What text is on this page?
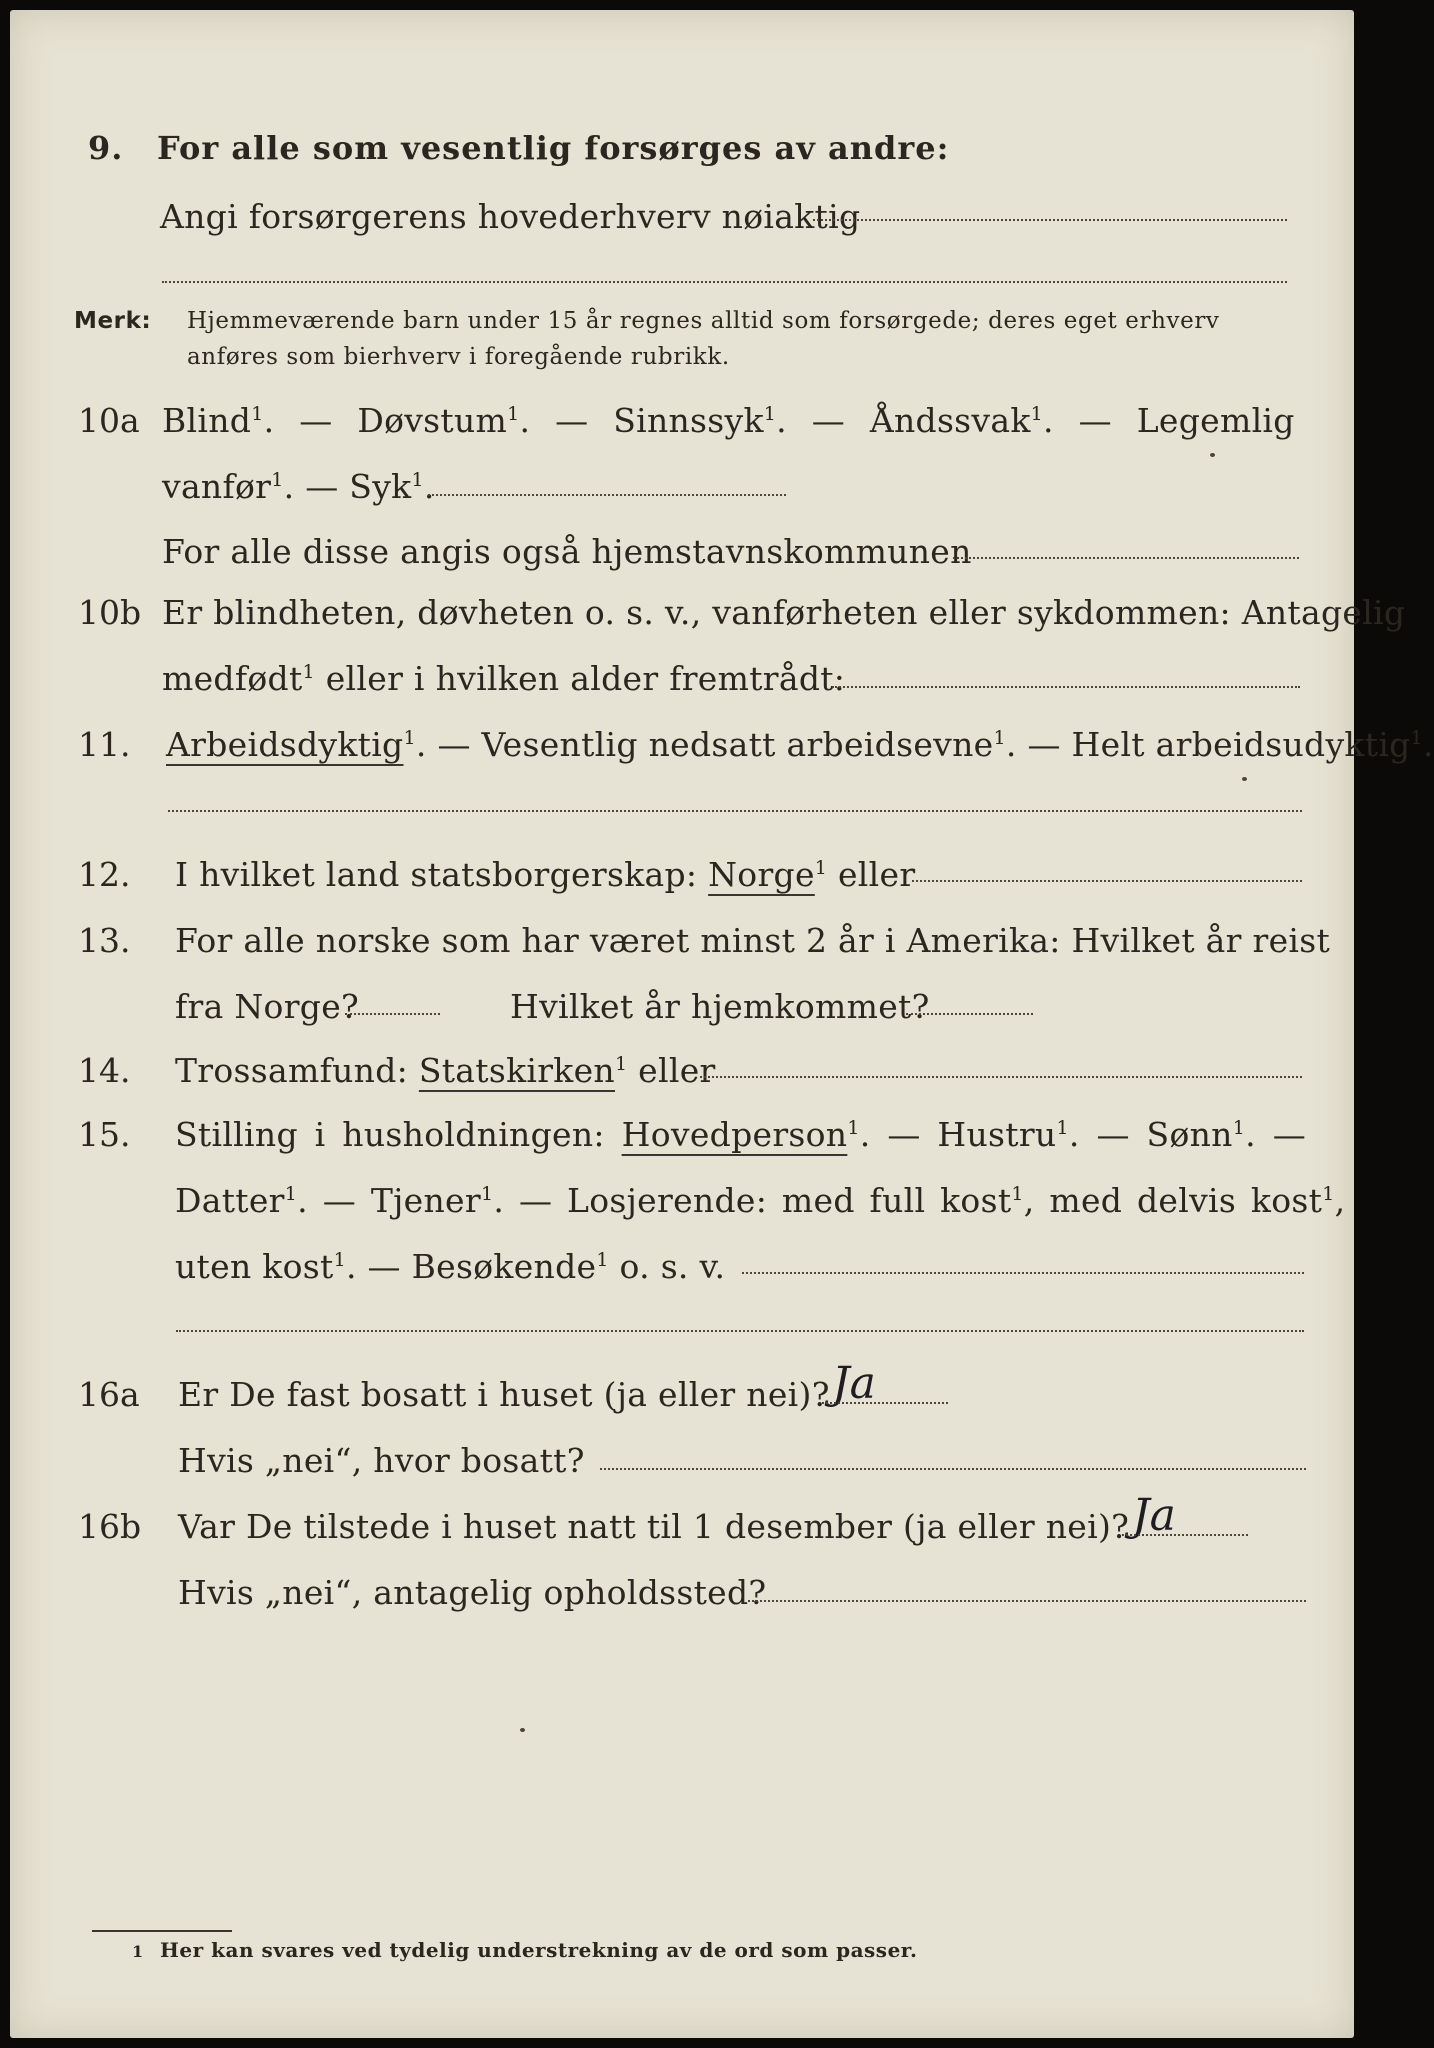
9. For alle som vesentlig forsørges av andre:
Angi forsørgerens hovederhverv nøiaktig
Merk: Hjemmeværende barn under 15 år regnes alltid som forsørgede; deres eget erhverv
anføres som bierhverv i foregående rubrikk.
10a Blind$^1$. — Døvstum$^1$. — Sinnssyk$^1$. — Åndssvak$^1$. — Legemlig
vanfør$^1$. — Syk$^1$.
For alle disse angis også hjemstavnskommunen
10b Er blindheten, døvheten o. s. v., vanførheten eller sykdommen: Antagelig
medfødt$^1$ eller i hvilken alder fremtrådt:
11. Arbeidsdyktig$^1$. — Vesentlig nedsatt arbeidsevne$^1$. — Helt arbeidsudyktig$^1$.
12. I hvilket land statsborgerskap: Norge$^1$ eller
13. For alle norske som har været minst 2 år i Amerika: Hvilket år reist
fra Norge?	Hvilket år hjemkommet?
14. Trossamfund: Statskirken$^1$ eller
15. Stilling i husholdningen: Hovedperson$^1$. — Hustru$^1$. — Sønn$^1$. —
Datter$^1$. — Tjener$^1$. — Losjerende: med full kost$^1$, med delvis kost$^1$,
uten kost$^1$. — Besøkende$^1$ o. s. v.
16a Er De fast bosatt i huset (ja eller nei)? Ja
Hvis „nei“, hvor bosatt?
16b Var De tilstede i huset natt til 1 desember (ja eller nei)? Ja
Hvis „nei“, antagelig opholdssted?
1 Her kan svares ved tydelig understrekning av de ord som passer.
